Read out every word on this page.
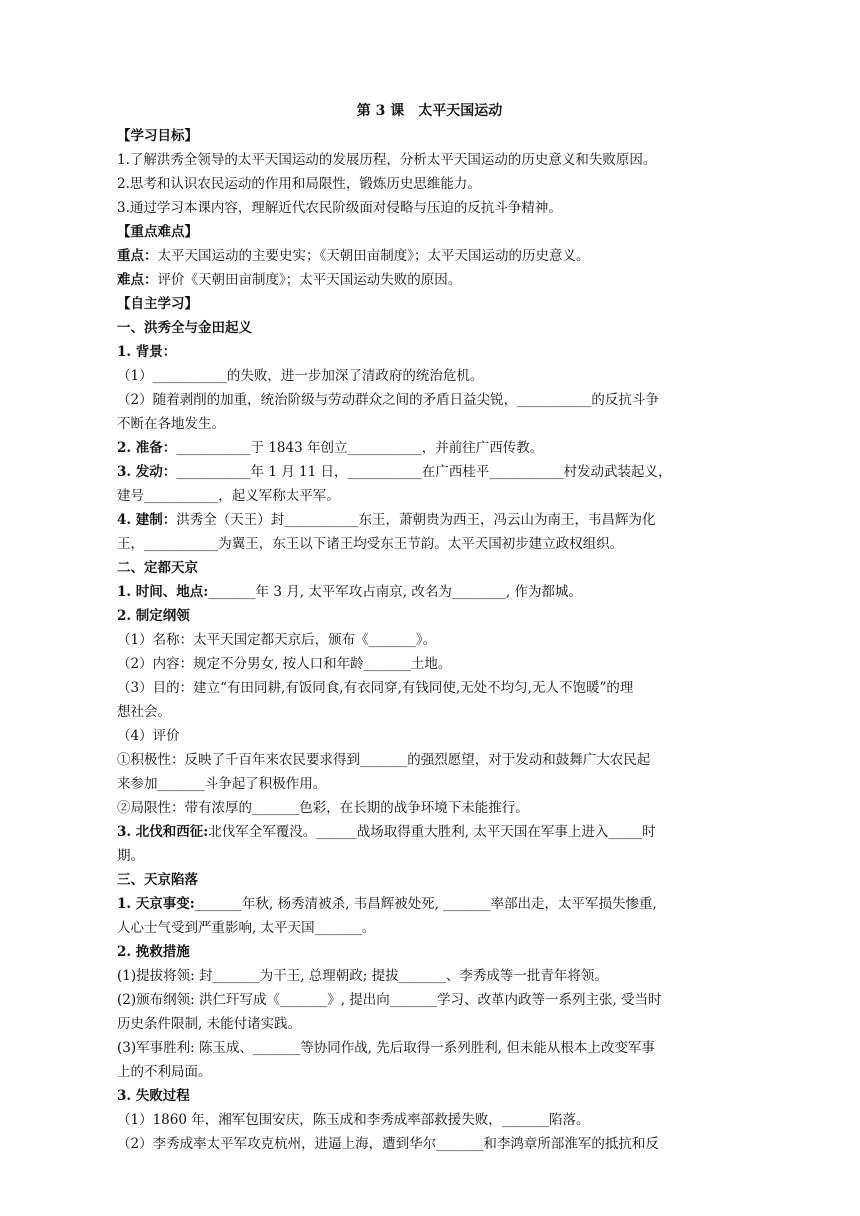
第 3 课　太平天国运动
【学习目标】
1.了解洪秀全领导的太平天国运动的发展历程，分析太平天国运动的历史意义和失败原因。
2.思考和认识农民运动的作用和局限性，锻炼历史思维能力。
3.通过学习本课内容，理解近代农民阶级面对侵略与压迫的反抗斗争精神。
【重点难点】
重点：太平天国运动的主要史实；《天朝田亩制度》；太平天国运动的历史意义。
难点：评价《天朝田亩制度》；太平天国运动失败的原因。
【自主学习】
一、洪秀全与金田起义
1. 背景：
（1）___________的失败，进一步加深了清政府的统治危机。
（2）随着剥削的加重，统治阶级与劳动群众之间的矛盾日益尖锐，___________的反抗斗争
不断在各地发生。
2. 准备：___________于 1843 年创立___________，并前往广西传教。
3. 发动：___________年 1 月 11 日，___________在广西桂平___________村发动武装起义，
建号___________，起义军称太平军。
4. 建制：洪秀全（天王）封___________东王，萧朝贵为西王，冯云山为南王，韦昌辉为化
王，___________为翼王，东王以下诸王均受东王节韵。太平天国初步建立政权组织。
二、定都天京
1. 时间、地点:_______年 3 月, 太平军攻占南京, 改名为________, 作为都城。
2. 制定纲领
（1）名称：太平天国定都天京后，颁布《_______》。
（2）内容：规定不分男女, 按人口和年龄_______土地。
（3）目的：建立“有田同耕,有饭同食,有衣同穿,有钱同使,无处不均匀,无人不饱暖”的理
想社会。
（4）评价
①积极性：反映了千百年来农民要求得到_______的强烈愿望，对于发动和鼓舞广大农民起
来参加_______斗争起了积极作用。
②局限性：带有浓厚的_______色彩，在长期的战争环境下未能推行。
3. 北伐和西征:北伐军全军覆没。______战场取得重大胜利, 太平天国在军事上进入_____时
期。
三、天京陷落
1. 天京事变:_______年秋, 杨秀清被杀, 韦昌辉被处死, _______率部出走，太平军损失惨重,
人心士气受到严重影响, 太平天国_______。
2. 挽救措施
(1)提拔将领: 封_______为干王, 总理朝政; 提拔_______、李秀成等一批青年将领。
(2)颁布纲领: 洪仁玕写成《_______》, 提出向_______学习、改革内政等一系列主张, 受当时
历史条件限制, 未能付诸实践。
(3)军事胜利: 陈玉成、_______等协同作战, 先后取得一系列胜利, 但未能从根本上改变军事
上的不利局面。
3. 失败过程
（1）1860 年，湘军包围安庆，陈玉成和李秀成率部救援失败，_______陷落。
（2）李秀成率太平军攻克杭州，进逼上海，遭到华尔_______和李鸿章所部淮军的抵抗和反
